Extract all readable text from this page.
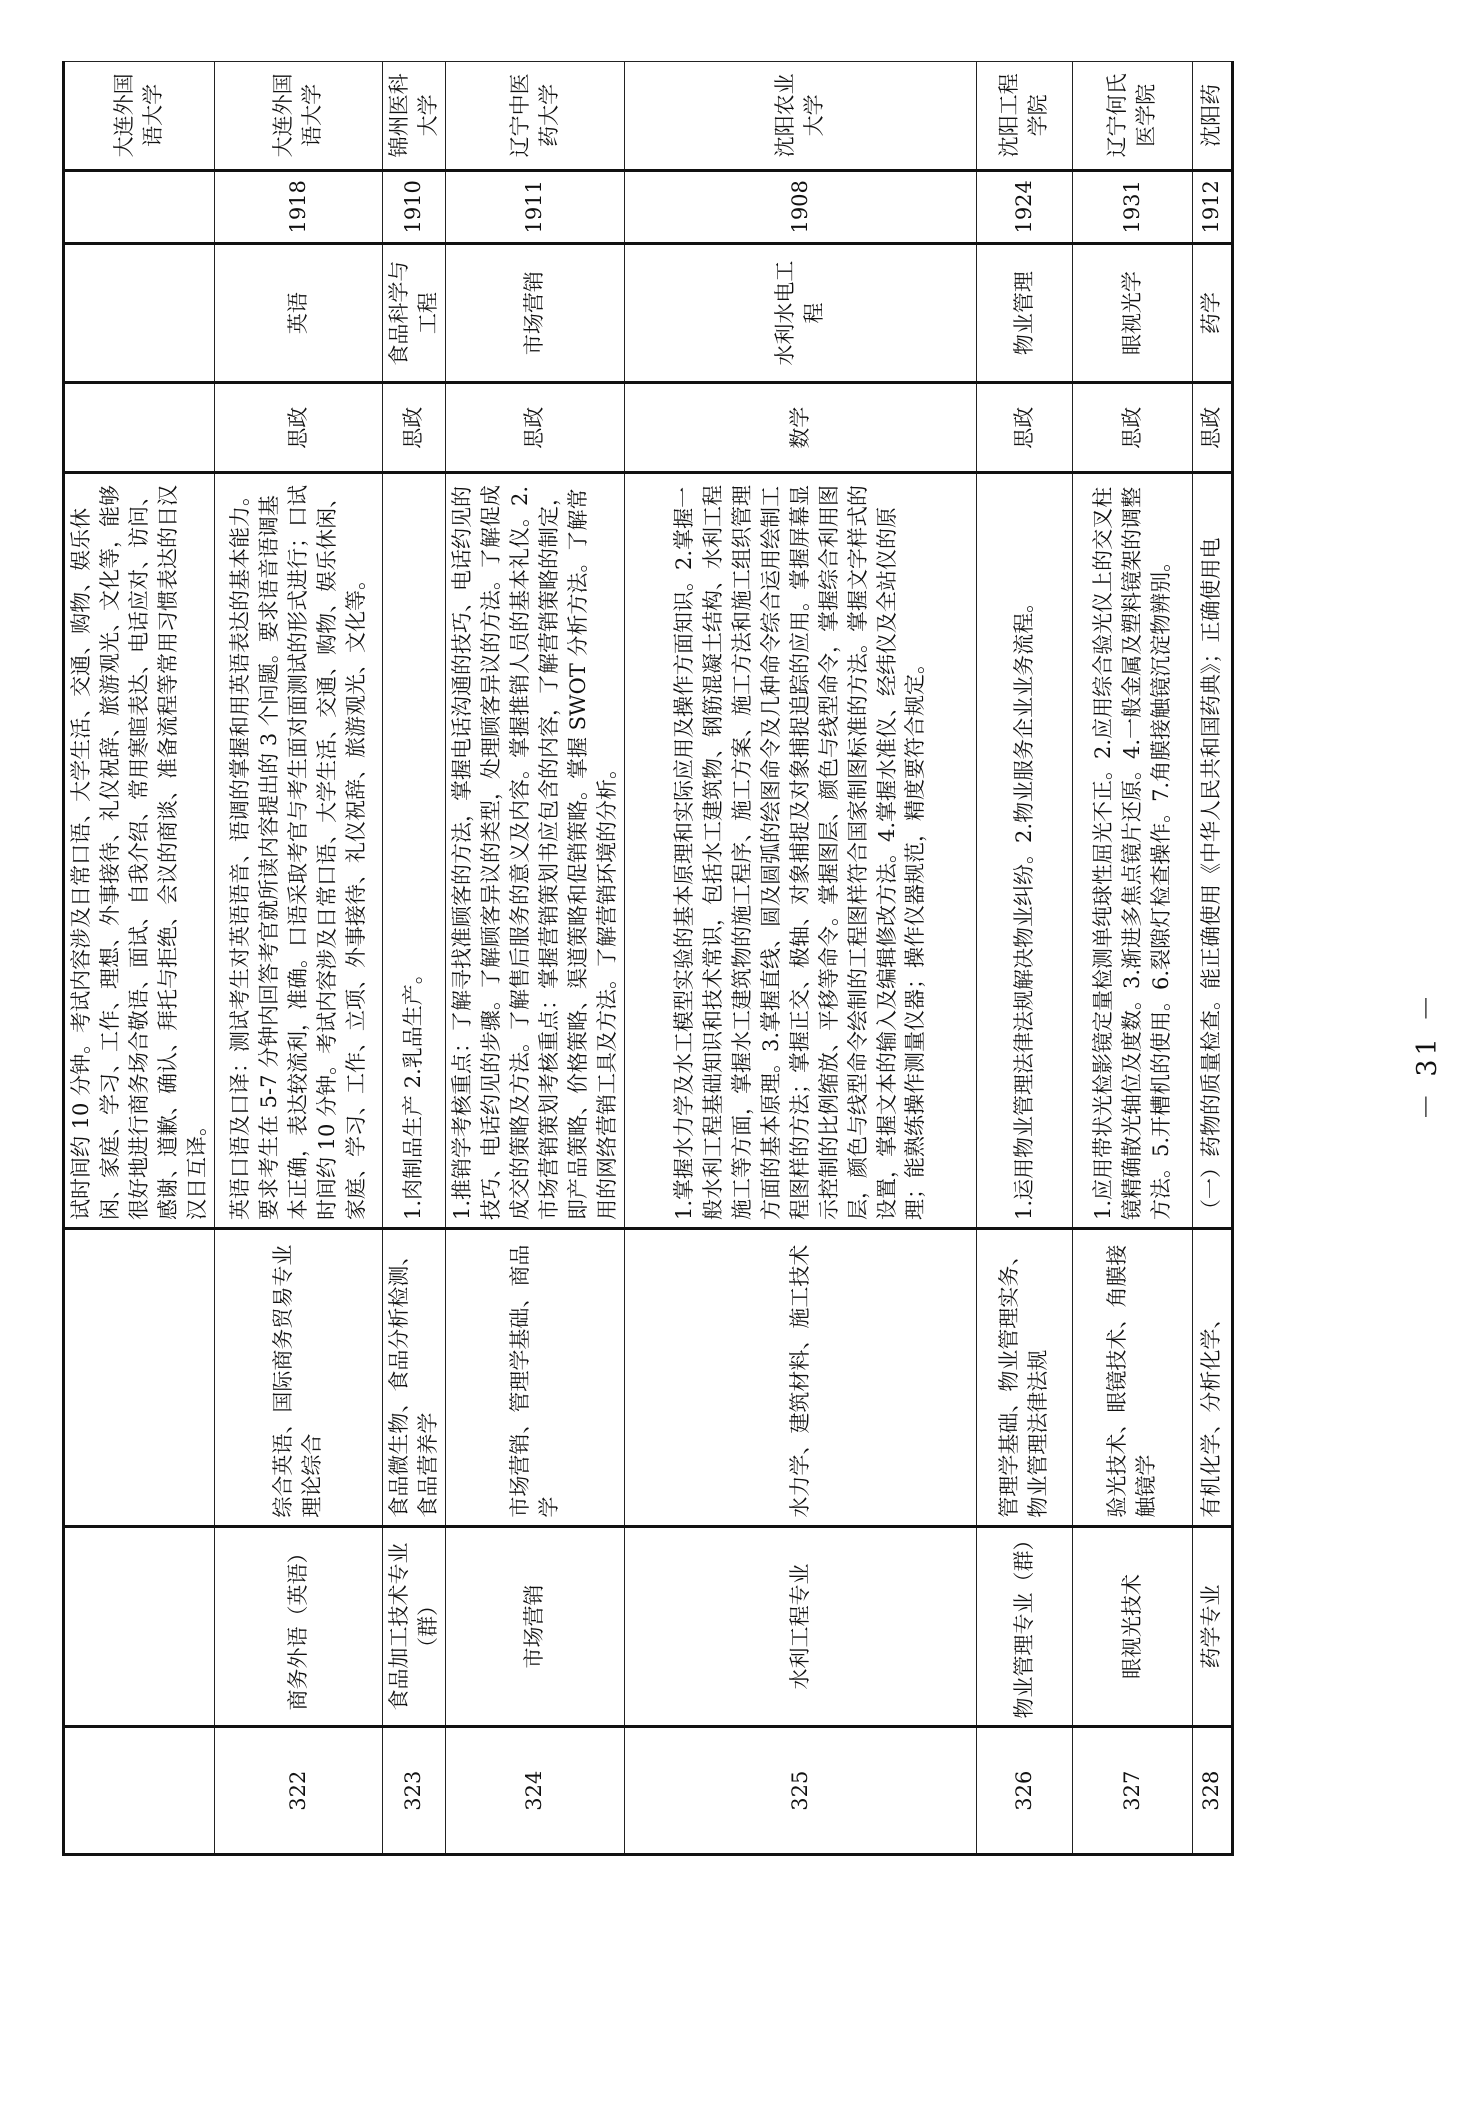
			试时间约 10 分钟。考试内容涉及日常口语、大学生活、交通、购物、娱乐休闲、家庭、学习、工作、理想、外事接待、礼仪祝辞、旅游观光、文化等，能够很好地进行商务场合敬语、面试、自我介绍、常用寒暄表达、电话应对、访问、感谢、道歉、确认、拜托与拒绝、会议的商谈、准备流程等常用习惯表达的日汉汉日互译。				大连外国语大学
322	商务外语（英语）	综合英语、国际商务贸易专业理论综合	英语口语及口译：测试考生对英语语音、语调的掌握和用英语表达的基本能力。要求考生在 5-7 分钟内回答考官就所读内容提出的 3 个问题。要求语音语调基本正确，表达较流利，准确。口语采取考官与考生面对面测试的形式进行；口试时间约 10 分钟。考试内容涉及日常口语、大学生活、交通、购物、娱乐休闲、家庭、学习、工作、立项、外事接待、礼仪祝辞、旅游观光、文化等。	思政	英语	1918	大连外国语大学
323	食品加工技术专业（群）	食品微生物、食品分析检测、食品营养学	1.肉制品生产 2.乳品生产。	思政	食品科学与工程	1910	锦州医科大学
324	市场营销	市场营销、管理学基础、商品学	1.推销学考核重点：了解寻找准顾客的方法，掌握电话沟通的技巧、电话约见的技巧、电话约见的步骤。了解顾客异议的类型，处理顾客异议的方法。了解促成成交的策略及方法。了解售后服务的意义及内容。掌握推销人员的基本礼仪。2.市场营销策划考核重点：掌握营销策划书应包含的内容，了解营销策略的制定，即产品策略、价格策略、渠道策略和促销策略。掌握 SWOT 分析方法。了解常用的网络营销工具及方法。了解营销环境的分析。	思政	市场营销	1911	辽宁中医药大学
325	水利工程专业	水力学、建筑材料、施工技术	1.掌握水力学及水工模型实验的基本原理和实际应用及操作方面知识。2.掌握一般水利工程基础知识和技术常识，包括水工建筑物、钢筋混凝土结构、水利工程施工等方面，掌握水工建筑物的施工程序、施工方案、施工方法和施工组织管理方面的基本原理。3.掌握直线、圆及圆弧的绘图命令及几种命令综合运用绘制工程图样的方法；掌握正交、极轴、对象捕捉及对象捕捉追踪的应用。掌握屏幕显示控制的比例缩放、平移等命令。掌握图层、颜色与线型命令，掌握综合利用图层，颜色与线型命令绘制的工程图样符合国家制图标准的方法。掌握文字样式的设置，掌握文本的输入及编辑修改方法。4.掌握水准仪、经纬仪及全站仪的原理；能熟练操作测量仪器；操作仪器规范，精度要符合规定。	数学	水利水电工程	1908	沈阳农业大学
326	物业管理专业（群）	管理学基础、物业管理实务、物业管理法律法规	1.运用物业管理法律法规解决物业纠纷。2.物业服务企业业务流程。	思政	物业管理	1924	沈阳工程学院
327	眼视光技术	验光技术、眼镜技术、角膜接触镜学	1.应用带状光检影镜定量检测单纯球性屈光不正。2.应用综合验光仪上的交叉柱镜精确散光轴位及度数。3.渐进多焦点镜片还原。4.一般金属及塑料镜架的调整方法。5.开槽机的使用。6.裂隙灯检查操作。7.角膜接触镜沉淀物辨别。	思政	眼视光学	1931	辽宁何氏医学院
328	药学专业	有机化学、分析化学、	（一）药物的质量检查。能正确使用《中华人民共和国药典》；正确使用电	思政	药学	1912	沈阳药
－ 31 －
